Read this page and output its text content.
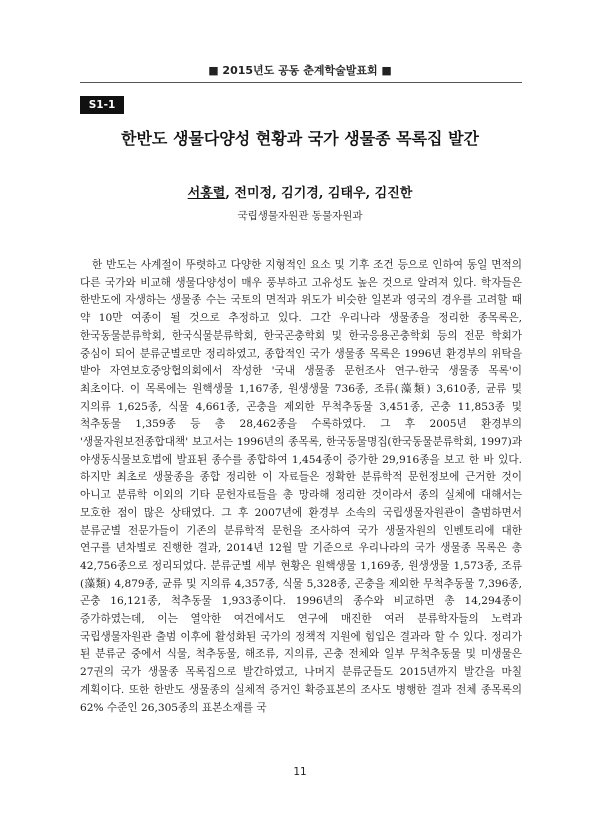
■ 2015년도 공동 춘계학술발표회 ■
S1-1
한반도 생물다양성 현황과 국가 생물종 목록집 발간
서홍렬, 전미정, 김기경, 김태우, 김진한
국립생물자원관 동물자원과

한 반도는 사계절이 뚜렷하고 다양한 지형적인 요소 및 기후 조건 등으로 인하여 동일 면적의 다른 국가와 비교해 생물다양성이 매우 풍부하고 고유성도 높은 것으로 알려져 있다. 학자들은 한반도에 자생하는 생물종 수는 국토의 면적과 위도가 비슷한 일본과 영국의 경우를 고려할 때 약 10만 여종이 될 것으로 추정하고 있다. 그간 우리나라 생물종을 정리한 종목록은, 한국동물분류학회, 한국식물분류학회, 한국곤충학회 및 한국응용곤충학회 등의 전문 학회가 중심이 되어 분류군별로만 정리하였고, 종합적인 국가 생물종 목록은 1996년 환경부의 위탁을 받아 자연보호중앙협의회에서 작성한 '국내 생물종 문헌조사 연구-한국 생물종 목록'이 최초이다. 이 목록에는 원핵생물 1,167종, 원생생물 736종, 조류(藻類) 3,610종, 균류 및 지의류 1,625종, 식물 4,661종, 곤충을 제외한 무척추동물 3,451종, 곤충 11,853종 및 척추동물 1,359종 등 총 28,462종을 수록하였다. 그 후 2005년 환경부의 '생물자원보전종합대책' 보고서는 1996년의 종목록, 한국동물명집(한국동물분류학회, 1997)과 야생동식물보호법에 발표된 종수를 종합하여 1,454종이 증가한 29,916종을 보고 한 바 있다. 하지만 최초로 생물종을 종합 정리한 이 자료들은 정확한 분류학적 문헌정보에 근거한 것이 아니고 분류학 이외의 기타 문헌자료들을 총 망라해 정리한 것이라서 종의 실체에 대해서는 모호한 점이 많은 상태였다. 그 후 2007년에 환경부 소속의 국립생물자원관이 출범하면서 분류군별 전문가들이 기존의 분류학적 문헌을 조사하여 국가 생물자원의 인벤토리에 대한 연구를 년차별로 진행한 결과, 2014년 12월 말 기준으로 우리나라의 국가 생물종 목록은 총 42,756종으로 정리되었다. 분류군별 세부 현황은 원핵생물 1,169종, 원생생물 1,573종, 조류(藻類) 4,879종, 균류 및 지의류 4,357종, 식물 5,328종, 곤충을 제외한 무척추동물 7,396종, 곤충 16,121종, 척추동물 1,933종이다. 1996년의 종수와 비교하면 총 14,294종이 증가하였는데, 이는 열악한 여건에서도 연구에 매진한 여러 분류학자들의 노력과 국립생물자원관 출범 이후에 활성화된 국가의 정책적 지원에 힘입은 결과라 할 수 있다. 정리가 된 분류군 중에서 식물, 척추동물, 해조류, 지의류, 곤충 전체와 일부 무척추동물 및 미생물은 27권의 국가 생물종 목록집으로 발간하였고, 나머지 분류군들도 2015년까지 발간을 마칠 계획이다. 또한 한반도 생물종의 실체적 증거인 확증표본의 조사도 병행한 결과 전체 종목록의 62% 수준인 26,305종의 표본소재를 국

11
